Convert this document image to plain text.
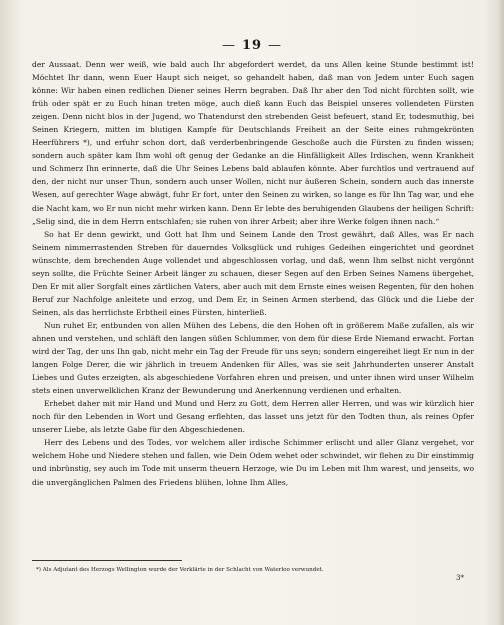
— 19 —

der Aussaat. Denn wer weiß, wie bald auch Ihr abgefordert werdet, da uns Allen keine Stunde bestimmt ist! Möchtet Ihr dann, wenn Euer Haupt sich neiget, so gehandelt haben, daß man von Jedem unter Euch sagen könne: Wir haben einen redlichen Diener seines Herrn begraben. Daß Ihr aber den Tod nicht fürchten sollt, wie früh oder spät er zu Euch hinan treten möge, auch dieß kann Euch das Beispiel unseres vollendeten Fürsten zeigen. Denn nicht blos in der Jugend, wo Thatendurst den strebenden Geist befeuert, stand Er, todesmuthig, bei Seinen Kriegern, mitten im blutigen Kampfe für Deutschlands Freiheit an der Seite eines ruhmgekrönten Heerführers *), und erfuhr schon dort, daß verderbenbringende Geschoße auch die Fürsten zu finden wissen; sondern auch später kam Ihm wohl oft genug der Gedanke an die Hinfälligkeit Alles Irdischen, wenn Krankheit und Schmerz Ihn erinnerte, daß die Uhr Seines Lebens bald ablaufen könnte. Aber furchtlos und vertrauend auf den, der nicht nur unser Thun, sondern auch unser Wollen, nicht nur äußeren Schein, sondern auch das innerste Wesen, auf gerechter Wage abwägt, fuhr Er fort, unter den Seinen zu wirken, so lange es für Ihn Tag war, und ehe die Nacht kam, wo Er nun nicht mehr wirken kann. Denn Er lebte des beruhigenden Glaubens der heiligen Schrift: „Selig sind, die in dem Herrn entschlafen; sie ruhen von ihrer Arbeit; aber ihre Werke folgen ihnen nach.“

So hat Er denn gewirkt, und Gott hat Ihm und Seinem Lande den Trost gewährt, daß Alles, was Er nach Seinem nimmerrastenden Streben für dauerndes Volksglück und ruhiges Gedeihen eingerichtet und geordnet wünschte, dem brechenden Auge vollendet und abgeschlossen vorlag, und daß, wenn Ihm selbst nicht vergönnt seyn sollte, die Früchte Seiner Arbeit länger zu schauen, dieser Segen auf den Erben Seines Namens übergehet, Den Er mit aller Sorgfalt eines zärtlichen Vaters, aber auch mit dem Ernste eines weisen Regenten, für den hohen Beruf zur Nachfolge anleitete und erzog, und Dem Er, in Seinen Armen sterbend, das Glück und die Liebe der Seinen, als das herrlichste Erbtheil eines Fürsten, hinterließ.

Nun ruhet Er, entbunden von allen Mühen des Lebens, die den Hohen oft in größerem Maße zufallen, als wir ahnen und verstehen, und schläft den langen süßen Schlummer, von dem für diese Erde Niemand erwacht. Fortan wird der Tag, der uns Ihn gab, nicht mehr ein Tag der Freude für uns seyn; sondern eingereihet liegt Er nun in der langen Folge Derer, die wir jährlich in treuem Andenken für Alles, was sie seit Jahrhunderten unserer Anstalt Liebes und Gutes erzeigten, als abgeschiedene Vorfahren ehren und preisen, und unter ihnen wird unser Wilhelm stets einen unverwelklichen Kranz der Bewunderung und Anerkennung verdienen und erhalten.

Erhebet daher mit mir Hand und Mund und Herz zu Gott, dem Herren aller Herren, und was wir kürzlich hier noch für den Lebenden in Wort und Gesang erflehten, das lasset uns jetzt für den Todten thun, als reines Opfer unserer Liebe, als letzte Gabe für den Abgeschiedenen.

Herr des Lebens und des Todes, vor welchem aller irdische Schimmer erlischt und aller Glanz vergehet, vor welchem Hohe und Niedere stehen und fallen, wie Dein Odem wehet oder schwindet, wir flehen zu Dir einstimmig und inbrünstig, sey auch im Tode mit unserm theuern Herzoge, wie Du im Leben mit Ihm warest, und jenseits, wo die unvergänglichen Palmen des Friedens blühen, lohne Ihm Alles,

*) Als Adjutant des Herzogs Wellington wurde der Verklärte in der Schlacht von Waterloo verwundet.
3*
